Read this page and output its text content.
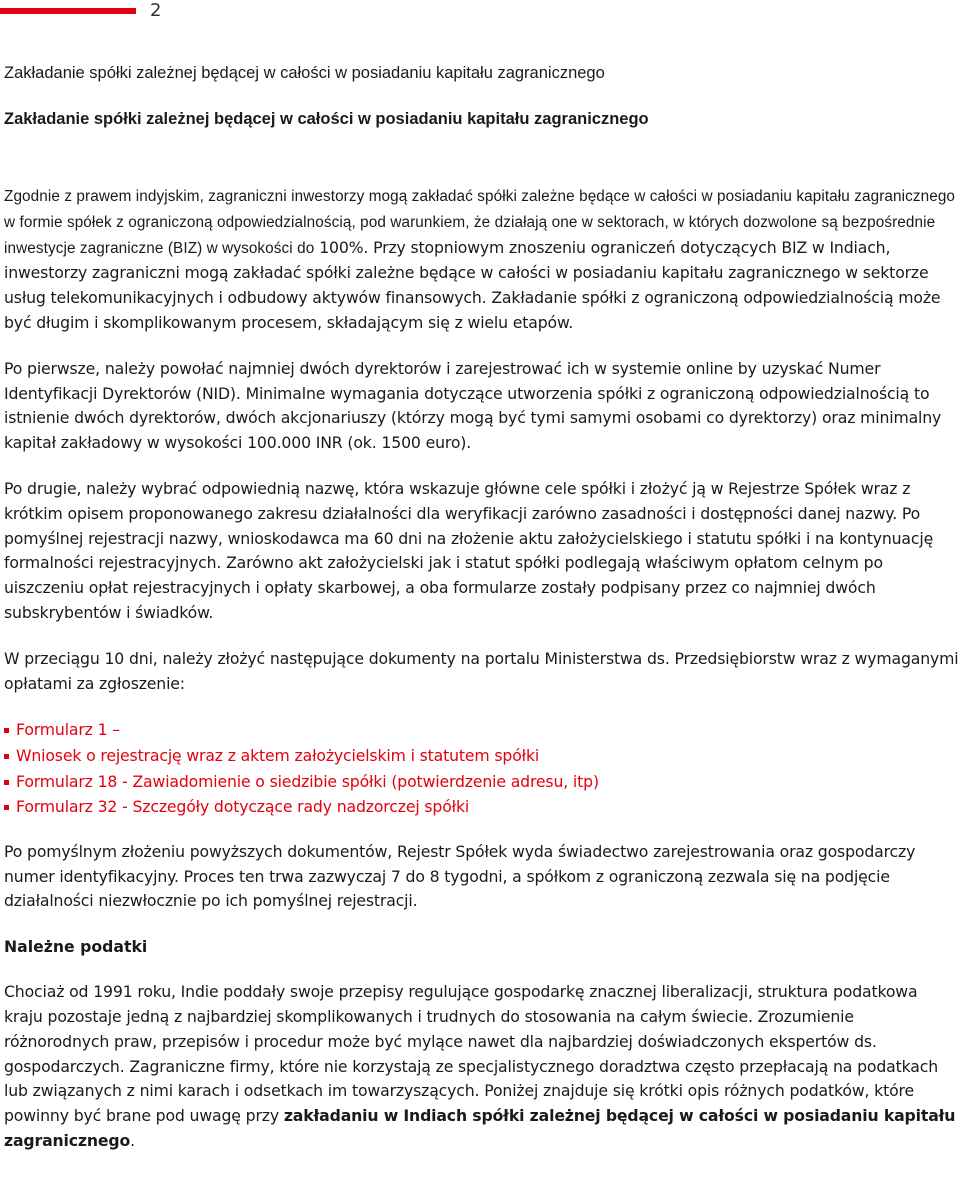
2
Zakładanie spółki zależnej będącej w całości w posiadaniu kapitału zagranicznego
Zakładanie spółki zależnej będącej w całości w posiadaniu kapitału zagranicznego
Zgodnie z prawem indyjskim, zagraniczni inwestorzy mogą zakładać spółki zależne będące w całości w posiadaniu kapitału zagranicznego w formie spółek z ograniczoną odpowiedzialnością, pod warunkiem, że działają one w sektorach, w których dozwolone są bezpośrednie inwestycje zagraniczne (BIZ) w wysokości do 100%. Przy stopniowym znoszeniu ograniczeń dotyczących BIZ w Indiach, inwestorzy zagraniczni mogą zakładać spółki zależne będące w całości w posiadaniu kapitału zagranicznego w sektorze usług telekomunikacyjnych i odbudowy aktywów finansowych. Zakładanie spółki z ograniczoną odpowiedzialnością może być długim i skomplikowanym procesem, składającym się z wielu etapów.

Po pierwsze, należy powołać najmniej dwóch dyrektorów i zarejestrować ich w systemie online by uzyskać Numer Identyfikacji Dyrektorów (NID). Minimalne wymagania dotyczące utworzenia spółki z ograniczoną odpowiedzialnością to istnienie dwóch dyrektorów, dwóch akcjonariuszy (którzy mogą być tymi samymi osobami co dyrektorzy) oraz minimalny kapitał zakładowy w wysokości 100.000 INR (ok. 1500 euro).

Po drugie, należy wybrać odpowiednią nazwę, która wskazuje główne cele spółki i złożyć ją w Rejestrze Spółek wraz z krótkim opisem proponowanego zakresu działalności dla weryfikacji zarówno zasadności i dostępności danej nazwy. Po pomyślnej rejestracji nazwy, wnioskodawca ma 60 dni na złożenie aktu założycielskiego i statutu spółki i na kontynuację formalności rejestracyjnych. Zarówno akt założycielski jak i statut spółki podlegają właściwym opłatom celnym po uiszczeniu opłat rejestracyjnych i opłaty skarbowej, a oba formularze zostały podpisany przez co najmniej dwóch subskrybentów i świadków.

W przeciągu 10 dni, należy złożyć następujące dokumenty na portalu Ministerstwa ds. Przedsiębiorstw wraz z wymaganymi opłatami za zgłoszenie:

Formularz 1 –
Wniosek o rejestrację wraz z aktem założycielskim i statutem spółki
Formularz 18 - Zawiadomienie o siedzibie spółki (potwierdzenie adresu, itp)
Formularz 32 - Szczegóły dotyczące rady nadzorczej spółki

Po pomyślnym złożeniu powyższych dokumentów, Rejestr Spółek wyda świadectwo zarejestrowania oraz gospodarczy numer identyfikacyjny. Proces ten trwa zazwyczaj 7 do 8 tygodni, a spółkom z ograniczoną zezwala się na podjęcie działalności niezwłocznie po ich pomyślnej rejestracji.

Należne podatki

Chociaż od 1991 roku, Indie poddały swoje przepisy regulujące gospodarkę znacznej liberalizacji, struktura podatkowa kraju pozostaje jedną z najbardziej skomplikowanych i trudnych do stosowania na całym świecie. Zrozumienie różnorodnych praw, przepisów i procedur może być mylące nawet dla najbardziej doświadczonych ekspertów ds. gospodarczych. Zagraniczne firmy, które nie korzystają ze specjalistycznego doradztwa często przepłacają na podatkach lub związanych z nimi karach i odsetkach im towarzyszących. Poniżej znajduje się krótki opis różnych podatków, które powinny być brane pod uwagę przy zakładaniu w Indiach spółki zależnej będącej w całości w posiadaniu kapitału zagranicznego.
